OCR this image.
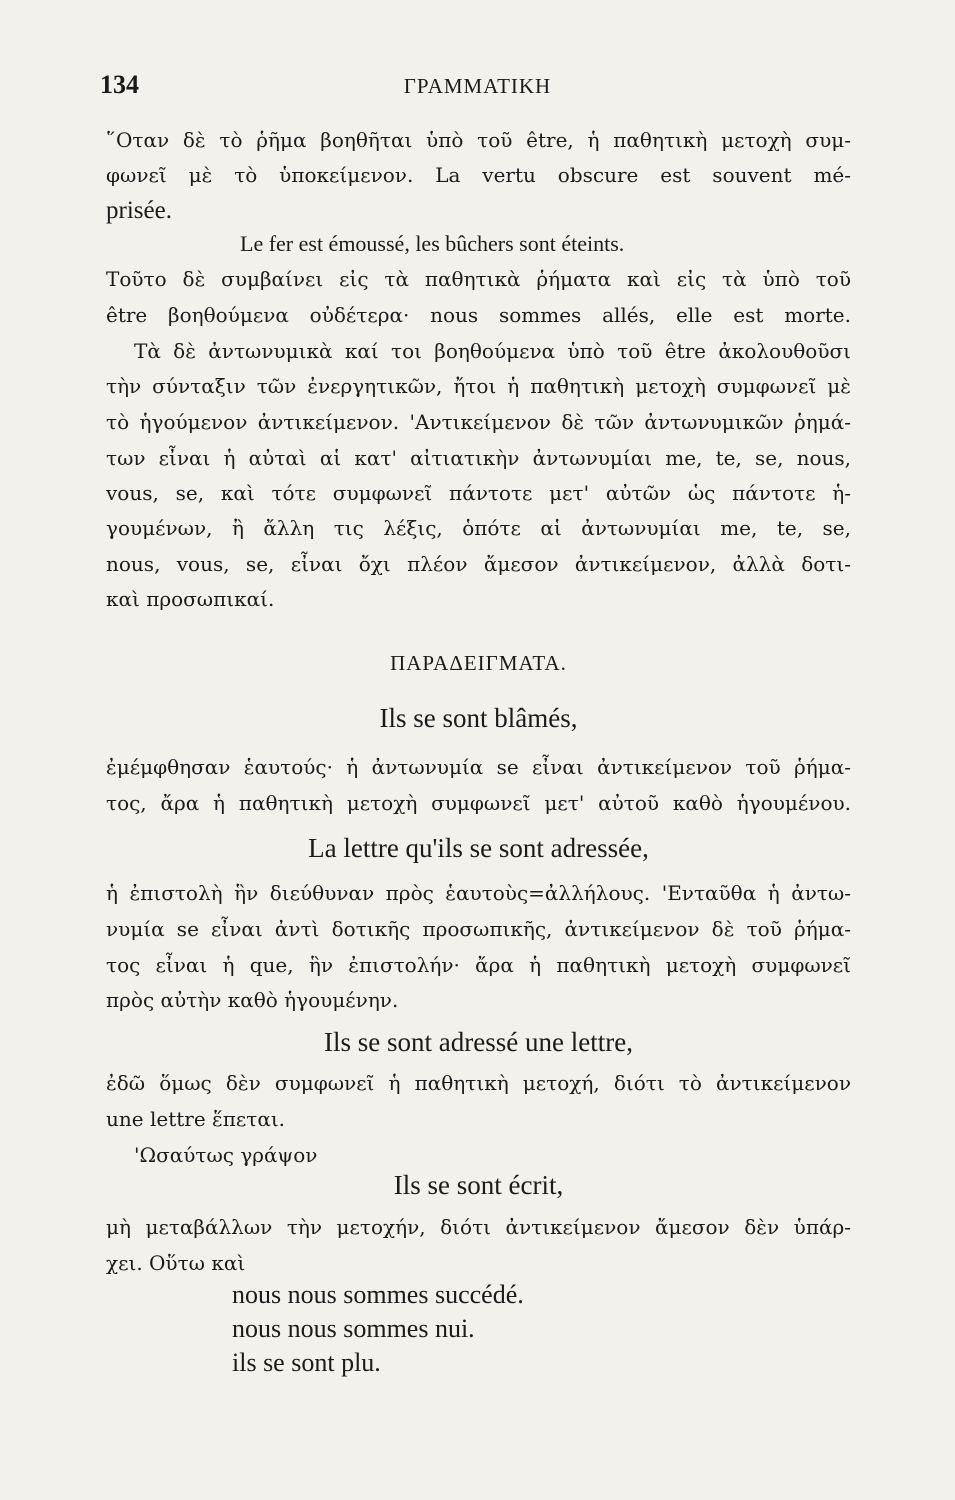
134	ΓΡΑΜΜΑΤΙΚΗ
῞Οταν δὲ τὸ ῥῆμα βοηθῆται ὑπὸ τοῦ être, ἡ παθητικὴ μετοχὴ συμ-
φωνεῖ μὲ τὸ ὑποκείμενον. La vertu obscure est souvent mé-
prisée.
Le fer est émoussé, les bûchers sont éteints.
Τοῦτο δὲ συμβαίνει εἰς τὰ παθητικὰ ῥήματα καὶ εἰς τὰ ὑπὸ τοῦ
être βοηθούμενα οὐδέτερα· nous sommes allés, elle est morte.
Τὰ δὲ ἀντωνυμικὰ καί τοι βοηθούμενα ὑπὸ τοῦ être ἀκολουθοῦσι
τὴν σύνταξιν τῶν ἐνεργητικῶν, ἤτοι ἡ παθητικὴ μετοχὴ συμφωνεῖ μὲ
τὸ ἡγούμενον ἀντικείμενον. 'Αντικείμενον δὲ τῶν ἀντωνυμικῶν ῥημά-
των εἶναι ἡ αὐταὶ αἱ κατ' αἰτιατικὴν ἀντωνυμίαι me, te, se, nous,
vous, se, καὶ τότε συμφωνεῖ πάντοτε μετ' αὐτῶν ὡς πάντοτε ἡ-
γουμένων, ἢ ἄλλη τις λέξις, ὁπότε αἱ ἀντωνυμίαι me, te, se,
nous, vous, se, εἶναι ὄχι πλέον ἄμεσον ἀντικείμενον, ἀλλὰ δοτι-
καὶ προσωπικαί.
ΠΑΡΑΔΕΙΓΜΑΤΑ.
Ils se sont blâmés,
ἐμέμφθησαν ἑαυτούς· ἡ ἀντωνυμία se εἶναι ἀντικείμενον τοῦ ῥήμα-
τος, ἄρα ἡ παθητικὴ μετοχὴ συμφωνεῖ μετ' αὐτοῦ καθὸ ἡγουμένου.
La lettre qu'ils se sont adressée,
ἡ ἐπιστολὴ ἣν διεύθυναν πρὸς ἑαυτοὺς=ἀλλήλους. 'Ενταῦθα ἡ ἀντω-
νυμία se εἶναι ἀντὶ δοτικῆς προσωπικῆς, ἀντικείμενον δὲ τοῦ ῥήμα-
τος εἶναι ἡ que, ἣν ἐπιστολήν· ἄρα ἡ παθητικὴ μετοχὴ συμφωνεῖ
πρὸς αὐτὴν καθὸ ἡγουμένην.
Ils se sont adressé une lettre,
ἐδῶ ὅμως δὲν συμφωνεῖ ἡ παθητικὴ μετοχή, διότι τὸ ἀντικείμενον
une lettre ἕπεται.
'Ωσαύτως γράψον
Ils se sont écrit,
μὴ μεταβάλλων τὴν μετοχήν, διότι ἀντικείμενον ἄμεσον δὲν ὑπάρ-
χει. Οὕτω καὶ
nous nous sommes succédé.
nous nous sommes nui.
ils se sont plu.
